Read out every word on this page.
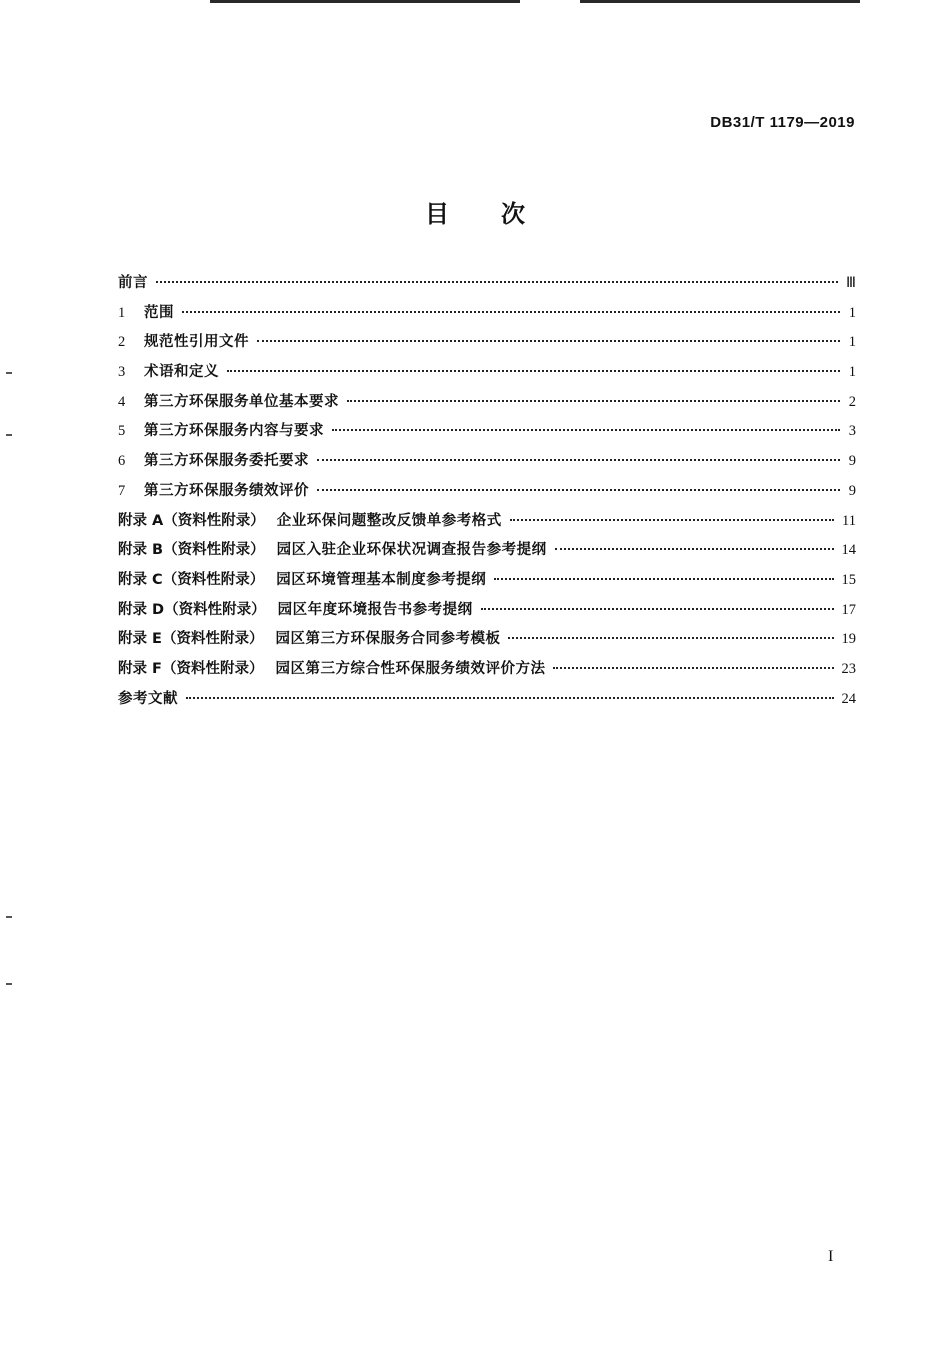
DB31/T 1179—2019
目次
前言	Ⅲ
1	范围	1
2	规范性引用文件	1
3	术语和定义	1
4	第三方环保服务单位基本要求	2
5	第三方环保服务内容与要求	3
6	第三方环保服务委托要求	9
7	第三方环保服务绩效评价	9
附录 A（资料性附录） 企业环保问题整改反馈单参考格式	11
附录 B（资料性附录） 园区入驻企业环保状况调查报告参考提纲	14
附录 C（资料性附录） 园区环境管理基本制度参考提纲	15
附录 D（资料性附录） 园区年度环境报告书参考提纲	17
附录 E（资料性附录） 园区第三方环保服务合同参考模板	19
附录 F（资料性附录） 园区第三方综合性环保服务绩效评价方法	23
参考文献	24
I
